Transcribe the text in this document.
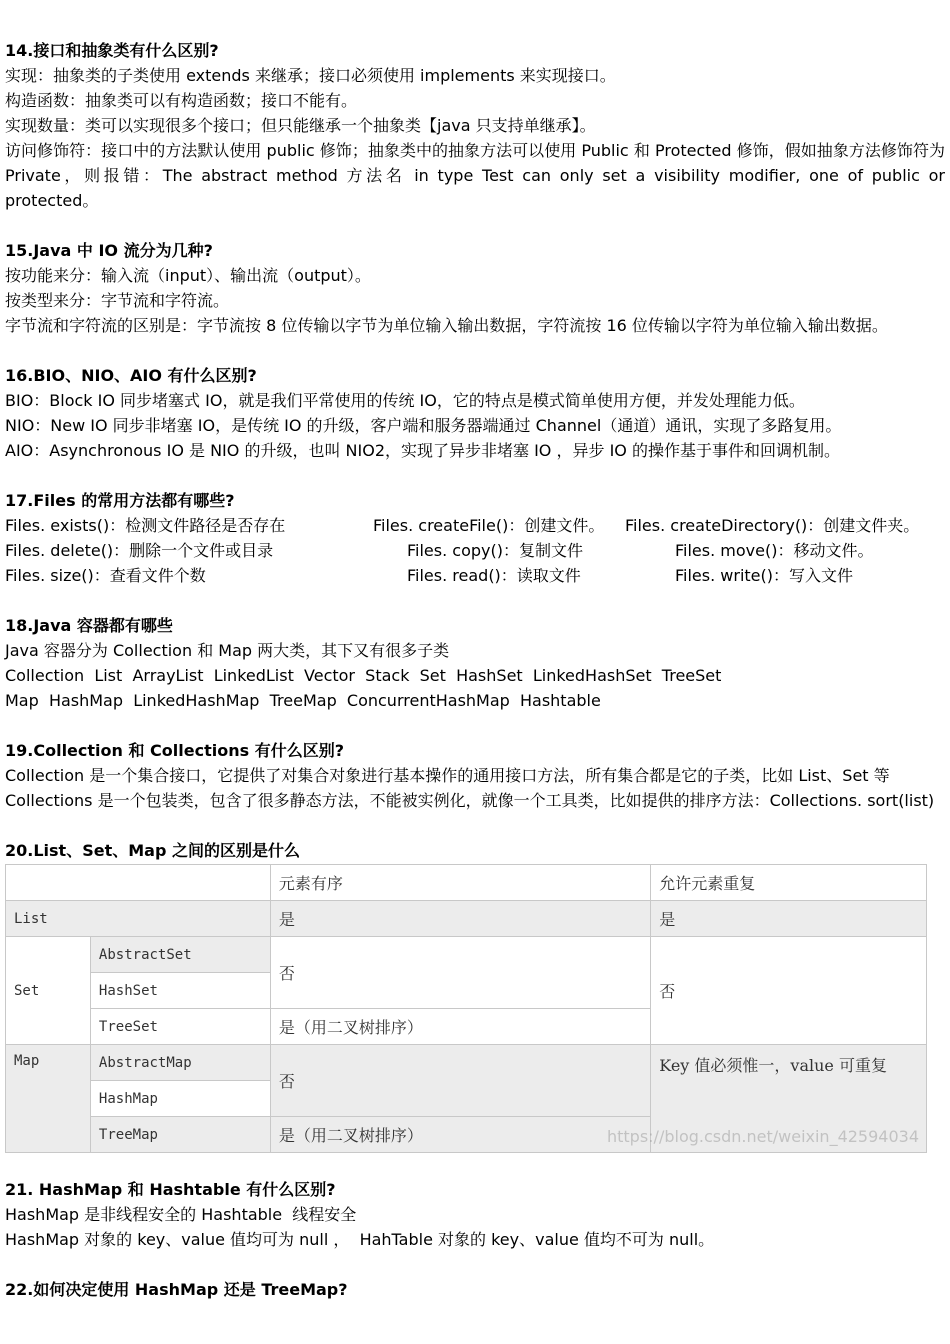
14.接口和抽象类有什么区别?
实现：抽象类的子类使用 extends 来继承；接口必须使用 implements 来实现接口。
构造函数：抽象类可以有构造函数；接口不能有。
实现数量：类可以实现很多个接口；但只能继承一个抽象类【java 只支持单继承】。
访问修饰符：接口中的方法默认使用 public 修饰；抽象类中的抽象方法可以使用 Public 和 Protected 修饰，假如抽象方法修饰符为 Private，则报错：The abstract method 方法名 in type Test can only set a visibility modifier, one of public or protected。
15.Java 中 IO 流分为几种?
按功能来分：输入流（input）、输出流（output）。
按类型来分：字节流和字符流。
字节流和字符流的区别是：字节流按 8 位传输以字节为单位输入输出数据，字符流按 16 位传输以字符为单位输入输出数据。
16.BIO、NIO、AIO 有什么区别?
BIO：Block IO 同步堵塞式 IO，就是我们平常使用的传统 IO，它的特点是模式简单使用方便，并发处理能力低。
NIO：New IO 同步非堵塞 IO，是传统 IO 的升级，客户端和服务器端通过 Channel（通道）通讯，实现了多路复用。
AIO：Asynchronous IO 是 NIO 的升级，也叫 NIO2，实现了异步非堵塞 IO ，异步 IO 的操作基于事件和回调机制。
17.Files 的常用方法都有哪些?
Files. exists()：检测文件路径是否存在	Files. createFile()：创建文件。 Files. createDirectory()：创建文件夹。
Files. delete()：删除一个文件或目录	Files. copy()：复制文件	Files. move()：移动文件。
Files. size()：查看文件个数	Files. read()：读取文件	Files. write()：写入文件
18.Java 容器都有哪些
Java 容器分为 Collection 和 Map 两大类，其下又有很多子类
Collection  List  ArrayList  LinkedList  Vector  Stack  Set  HashSet  LinkedHashSet  TreeSet
Map  HashMap  LinkedHashMap  TreeMap  ConcurrentHashMap  Hashtable
19.Collection 和 Collections 有什么区别?
Collection 是一个集合接口，它提供了对集合对象进行基本操作的通用接口方法，所有集合都是它的子类，比如 List、Set 等
Collections 是一个包装类，包含了很多静态方法，不能被实例化，就像一个工具类，比如提供的排序方法：Collections. sort(list)
20.List、Set、Map 之间的区别是什么
		元素有序	允许元素重复
List		是	是
Set	AbstractSet	否	否
	HashSet		
	TreeSet	是（用二叉树排序）	
Map	AbstractMap	否	Key 值必须惟一，value 可重复
	HashMap		
	TreeMap	是（用二叉树排序）		https://blog.csdn.net/weixin_42594034
21. HashMap 和 Hashtable 有什么区别?
HashMap 是非线程安全的 Hashtable  线程安全
HashMap 对象的 key、value 值均可为 null ，  HahTable 对象的 key、value 值均不可为 null。
22.如何决定使用 HashMap 还是 TreeMap?
